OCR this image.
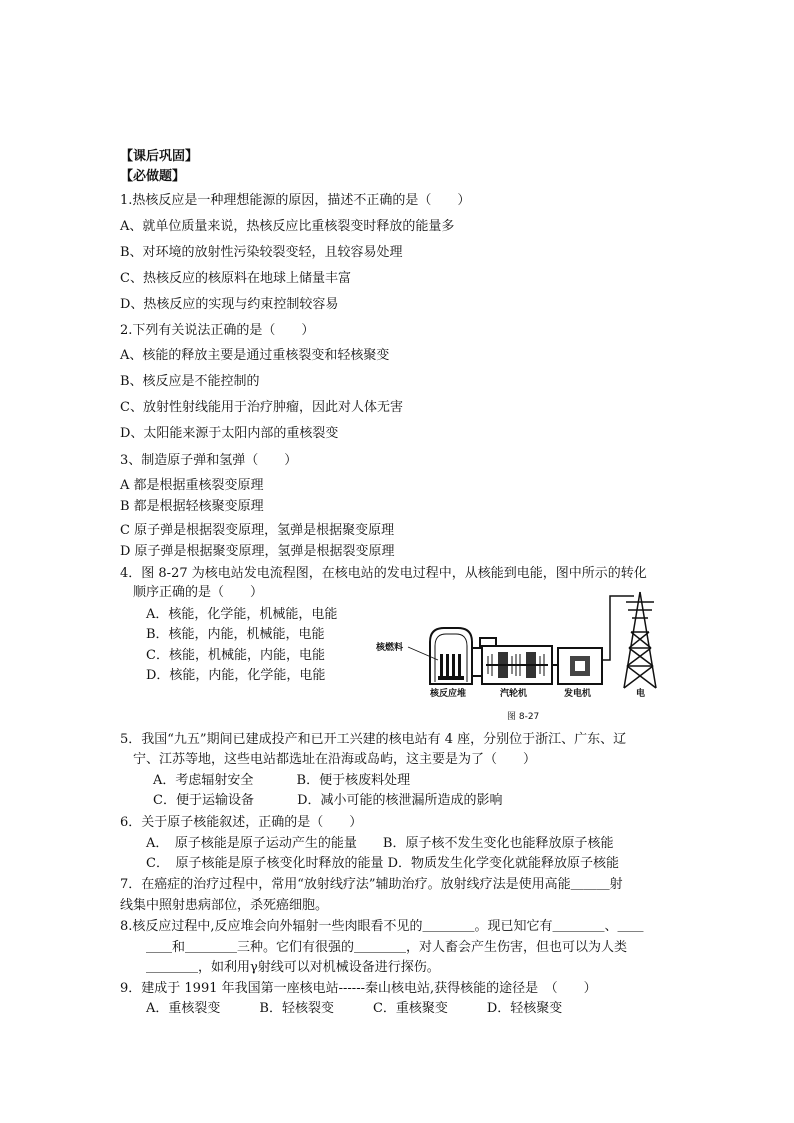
【课后巩固】
【必做题】
1.热核反应是一种理想能源的原因，描述不正确的是（　　）
A、就单位质量来说，热核反应比重核裂变时释放的能量多
B、对环境的放射性污染较裂变轻，且较容易处理
C、热核反应的核原料在地球上储量丰富
D、热核反应的实现与约束控制较容易
2.下列有关说法正确的是（　　）
A、核能的释放主要是通过重核裂变和轻核聚变
B、核反应是不能控制的
C、放射性射线能用于治疗肿瘤，因此对人体无害
D、太阳能来源于太阳内部的重核裂变
3、制造原子弹和氢弹（　　）
A 都是根据重核裂变原理
B 都是根据轻核聚变原理
C 原子弹是根据裂变原理，氢弹是根据聚变原理
D 原子弹是根据聚变原理，氢弹是根据裂变原理
4．图 8-27 为核电站发电流程图，在核电站的发电过程中，从核能到电能，图中所示的转化
顺序正确的是（　　）
A．核能，化学能，机械能，电能
B．核能，内能，机械能，电能
C．核能，机械能，内能，电能
D．核能，内能，化学能，电能
核燃料
核反应堆	汽轮机	发电机	电
图 8-27
5．我国“九五”期间已建成投产和已开工兴建的核电站有 4 座，分别位于浙江、广东、辽
宁、江苏等地，这些电站都选址在沿海或岛屿，这主要是为了（　　）
A．考虑辐射安全　　　 B．便于核废料处理
C．便于运输设备　　　 D．减小可能的核泄漏所造成的影响
6．关于原子核能叙述，正确的是（　　）
A．　原子核能是原子运动产生的能量　　B．原子核不发生变化也能释放原子核能
C．　原子核能是原子核变化时释放的能量 D．物质发生化学变化就能释放原子核能
7．在癌症的治疗过程中，常用“放射线疗法”辅助治疗。放射线疗法是使用高能＿＿＿射
线集中照射患病部位，杀死癌细胞。
8.核反应过程中,反应堆会向外辐射一些肉眼看不见的＿＿＿＿。现已知它有＿＿＿＿、＿＿
＿＿和＿＿＿＿三种。它们有很强的＿＿＿＿，对人畜会产生伤害，但也可以为人类
＿＿＿＿，如利用γ射线可以对机械设备进行探伤。
9．建成于 1991 年我国第一座核电站------秦山核电站,获得核能的途径是　（　　）
A．重核裂变　　　B．轻核裂变　　　C．重核聚变　　　D．轻核聚变
